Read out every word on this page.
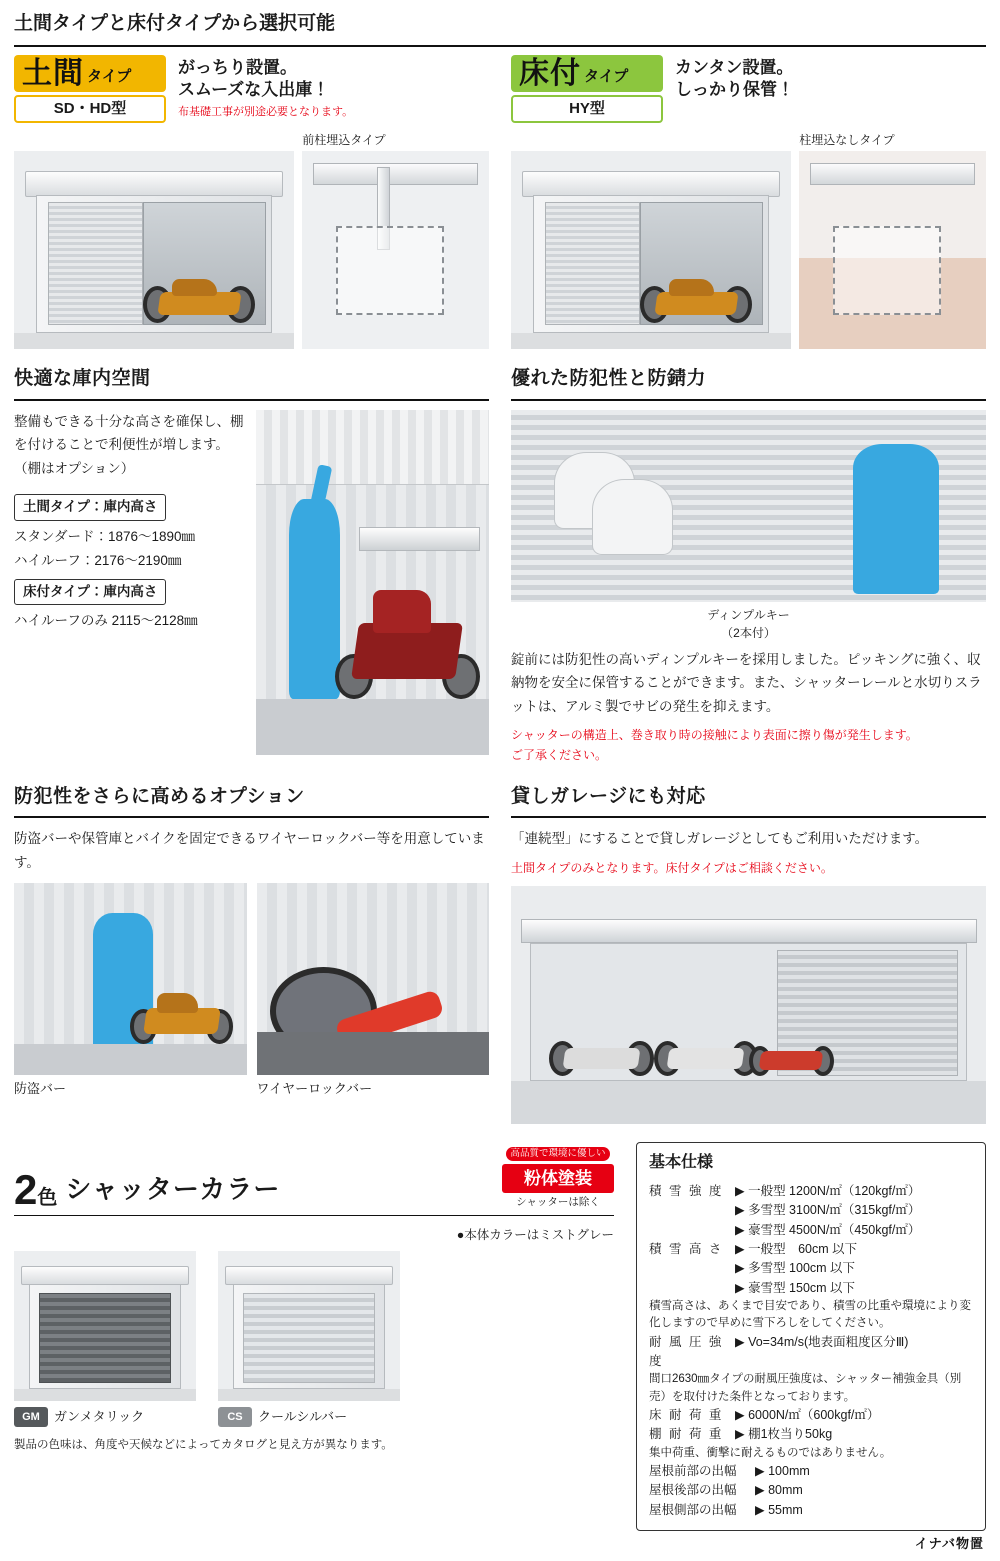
土間タイプと床付タイプから選択可能
土間 タイプ
SD・HD型
がっちり設置。
スムーズな入出庫！
布基礎工事が別途必要となります。
前柱埋込タイプ
床付 タイプ
HY型
カンタン設置。
しっかり保管！
柱埋込なしタイプ
快適な庫内空間

整備もできる十分な高さを確保し、棚を付けることで利便性が増します。（棚はオプション）

土間タイプ：庫内高さ

スタンダード：1876〜1890㎜

ハイルーフ：2176〜2190㎜

床付タイプ：庫内高さ

ハイルーフのみ 2115〜2128㎜

優れた防犯性と防錆力
ディンプルキー
（2本付）

錠前には防犯性の高いディンプルキーを採用しました。ピッキングに強く、収納物を安全に保管することができます。また、シャッターレールと水切りスラットは、アルミ製でサビの発生を抑えます。

シャッターの構造上、巻き取り時の接触により表面に擦り傷が発生します。

ご了承ください。

防犯性をさらに高めるオプション

防盗バーや保管庫とバイクを固定できるワイヤーロックバー等を用意しています。

防盗バー	ワイヤーロックバー
貸しガレージにも対応

「連続型」にすることで貸しガレージとしてもご利用いただけます。

土間タイプのみとなります。床付タイプはご相談ください。

2色 シャッターカラー
高品質で環境に優しい
粉体塗装
シャッターは除く
●本体カラーはミストグレー
GM	ガンメタリック	CS	クールシルバー
製品の色味は、角度や天候などによってカタログと見え方が異なります。
基本仕様
積 雪 強 度 ▶ 一般型 1200N/㎡（120kgf/㎡）
▶ 多雪型 3100N/㎡（315kgf/㎡）
▶ 豪雪型 4500N/㎡（450kgf/㎡）
積 雪 高 さ ▶ 一般型　60cm 以下
▶ 多雪型 100cm 以下
▶ 豪雪型 150cm 以下
積雪高さは、あくまで目安であり、積雪の比重や環境により変化しますので早めに雪下ろしをしてください。
耐 風 圧 強 度
▶ Vo=34m/s(地表面粗度区分Ⅲ)
間口2630㎜タイプの耐風圧強度は、シャッター補強金具（別売）を取付けた条件となっております。
床 耐 荷 重 ▶ 6000N/㎡（600kgf/㎡）
棚 耐 荷 重 ▶ 棚1枚当り50kg
集中荷重、衝撃に耐えるものではありません。
屋根前部の出幅	▶ 100mm
屋根後部の出幅	▶ 80mm
屋根側部の出幅	▶ 55mm
イナバ物置
